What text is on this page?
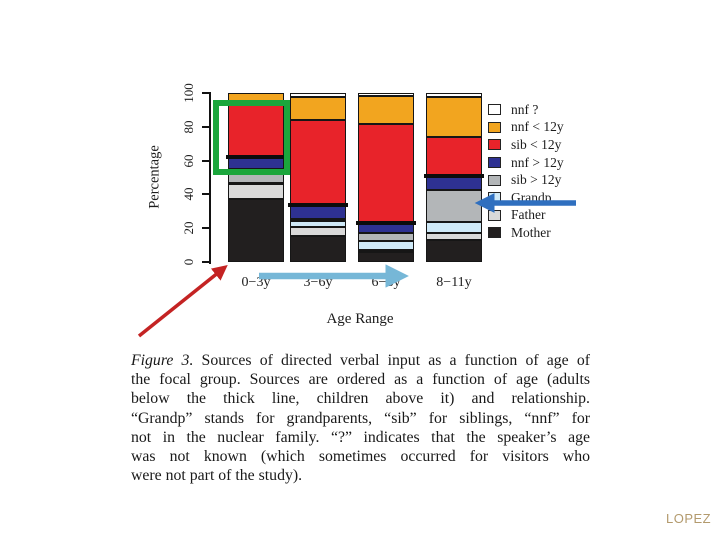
Percentage
0
20
40
60
80
100
0−3y 3−6y	6−8y	8−11y
Age Range
nnf ?
nnf < 12y
sib < 12y
nnf > 12y
sib > 12y
Grandp.
Father
Mother
Figure 3. Sources of directed verbal input as a function of age of
the focal group. Sources are ordered as a function of age (adults
below the thick line, children above it) and relationship.
“Grandp” stands for grandparents, “sib” for siblings, “nnf” for
not in the nuclear family. “?” indicates that the speaker’s age
was not known (which sometimes occurred for visitors who
were not part of the study).
LOPEZ
